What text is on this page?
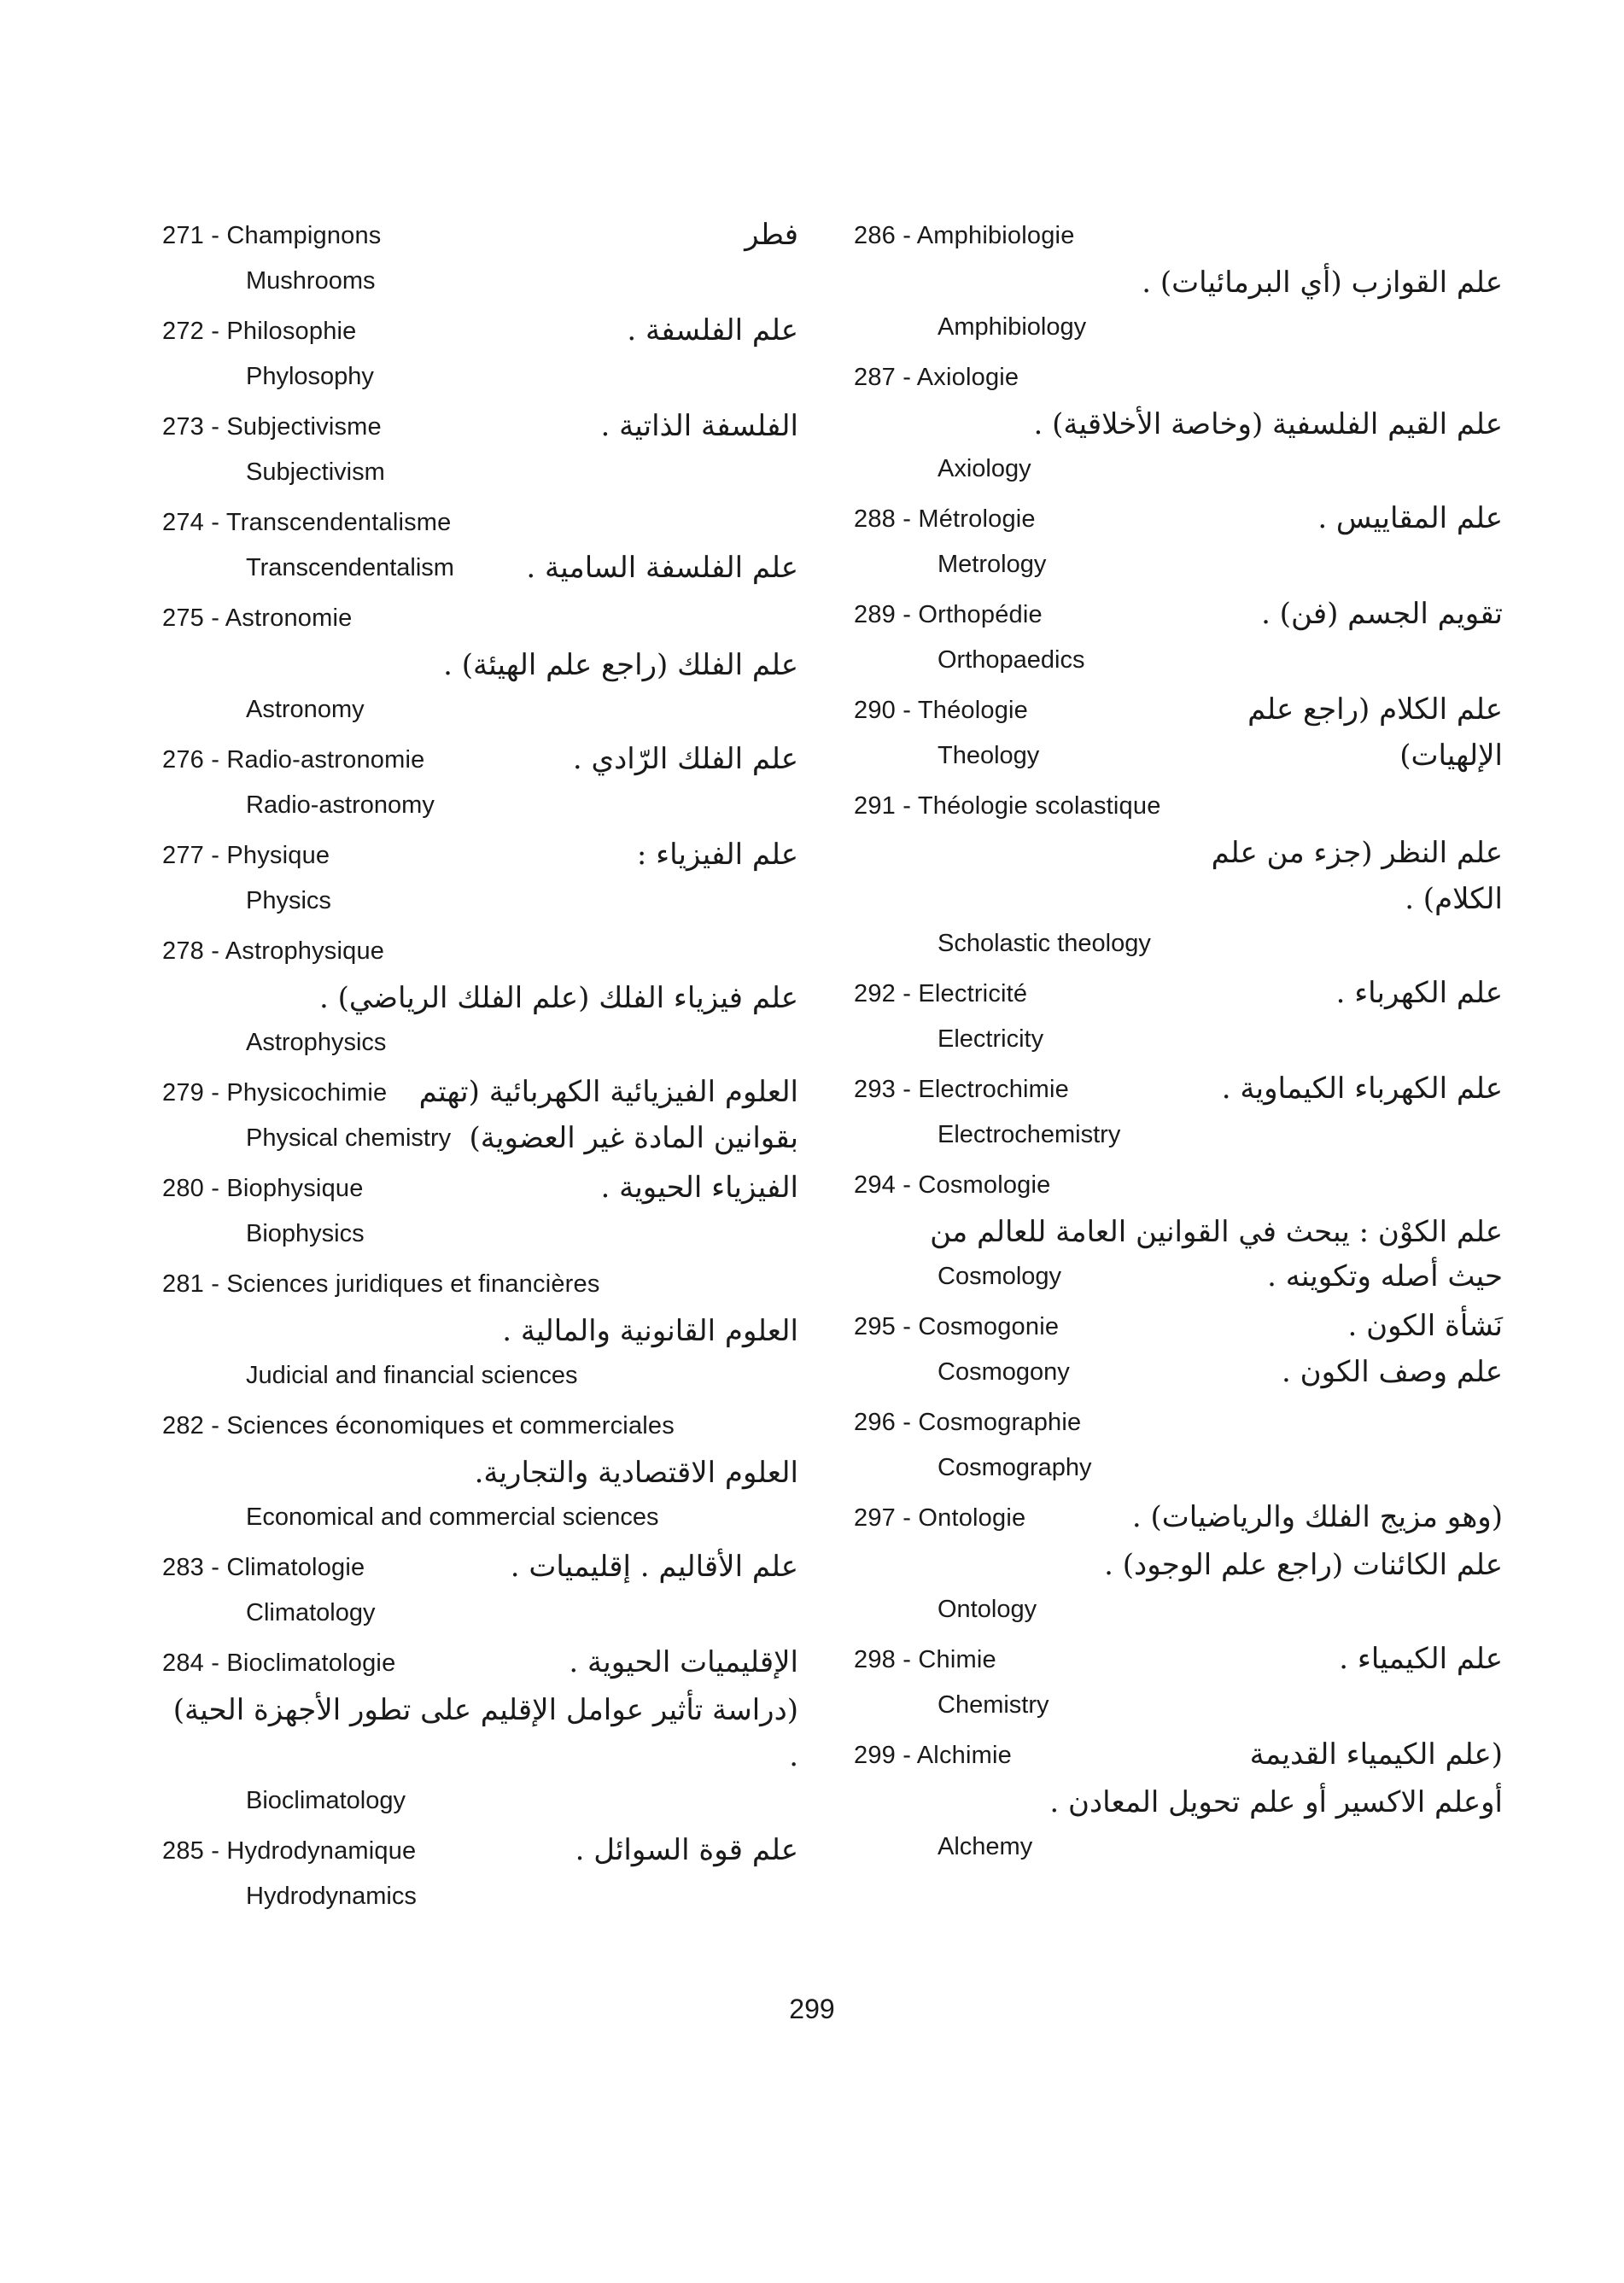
271 - Champignons	فطر
Mushrooms
272 - Philosophie	علم الفلسفة .
Phylosophy
273 - Subjectivisme	الفلسفة الذاتية .
Subjectivism
274 - Transcendentalisme
Transcendentalism	علم الفلسفة السامية .
275 - Astronomie
علم الفلك (راجع علم الهيئة) .
Astronomy
276 - Radio-astronomie	علم الفلك الرّادي .
Radio-astronomy
277 - Physique	علم الفيزياء :
Physics
278 - Astrophysique
علم فيزياء الفلك (علم الفلك الرياضي) .
Astrophysics
279 - Physicochimie العلوم الفيزيائية الكهربائية (تهتم
Physical chemistry بقوانين المادة غير العضوية)
280 - Biophysique	الفيزياء الحيوية .
Biophysics
281 - Sciences juridiques et financières
العلوم القانونية والمالية .
Judicial and financial sciences
282 - Sciences économiques et commerciales
العلوم الاقتصادية والتجارية.
Economical and commercial sciences
283 - Climatologie	علم الأقاليم . إقليميات .
Climatology
284 - Bioclimatologie	الإقليميات الحيوية .
(دراسة تأثير عوامل الإقليم على تطور الأجهزة الحية) .
Bioclimatology
285 - Hydrodynamique	علم قوة السوائل .
Hydrodynamics
286 - Amphibiologie
علم القوازب (أي البرمائيات) .
Amphibiology
287 - Axiologie
علم القيم الفلسفية (وخاصة الأخلاقية) .
Axiology
288 - Métrologie	علم المقاييس .
Metrology
289 - Orthopédie	تقويم الجسم (فن) .
Orthopaedics
290 - Théologie	علم الكلام (راجع علم
Theology	الإلهيات)
291 - Théologie scolastique
علم النظر (جزء من علم
الكلام) .
Scholastic theology
292 - Electricité	علم الكهرباء .
Electricity
293 - Electrochimie	علم الكهرباء الكيماوية .
Electrochemistry
294 - Cosmologie
علم الكوْن : يبحث في القوانين العامة للعالم من
Cosmology	حيث أصله وتكوينه .
295 - Cosmogonie	نَشأة الكون .
Cosmogony	علم وصف الكون .
296 - Cosmographie
Cosmography
297 - Ontologie	(وهو مزيج الفلك والرياضيات) .
علم الكائنات (راجع علم الوجود) .
Ontology
298 - Chimie	علم الكيمياء .
Chemistry
299 - Alchimie	(علم الكيمياء القديمة
أوعلم الاكسير أو علم تحويل المعادن .
Alchemy
299
